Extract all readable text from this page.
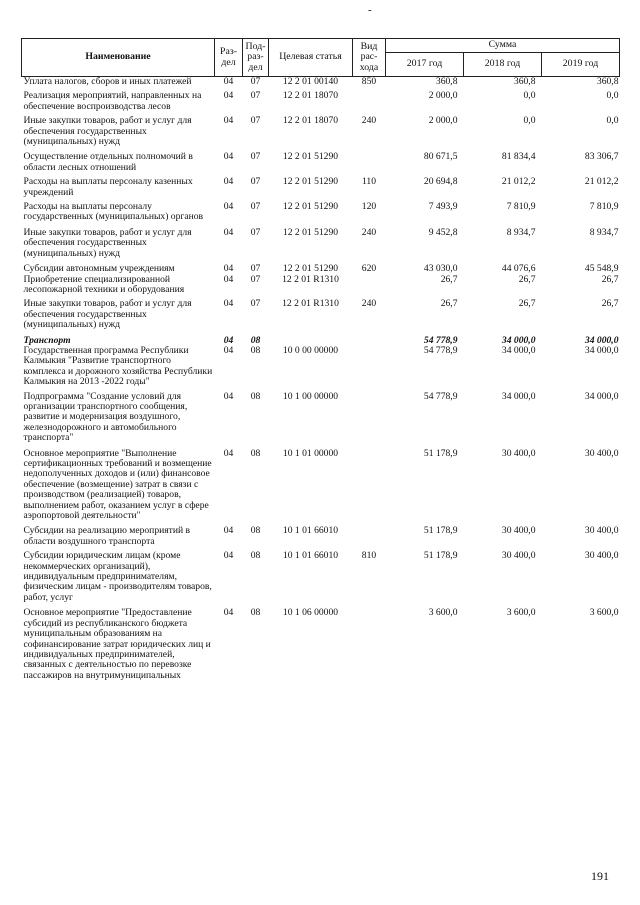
-
Наименование	Раз-дел	Под-раз-дел	Целевая статья	Вид рас-хода	Сумма		
					2017 год	2018 год	2019 год
Уплата налогов, сборов и иных платежей	04	07	12 2 01 00140	850	360,8	360,8	360,8
Реализация мероприятий, направленных на обеспечение воспроизводства лесов	04	07	12 2 01 18070		2 000,0	0,0	0,0
Иные закупки товаров, работ и услуг для обеспечения государственных (муниципальных) нужд	04	07	12 2 01 18070	240	2 000,0	0,0	0,0
Осуществление отдельных полномочий в области лесных отношений	04	07	12 2 01 51290		80 671,5	81 834,4	83 306,7
Расходы на выплаты персоналу казенных учреждений	04	07	12 2 01 51290	110	20 694,8	21 012,2	21 012,2
Расходы на выплаты персоналу государственных (муниципальных) органов	04	07	12 2 01 51290	120	7 493,9	7 810,9	7 810,9
Иные закупки товаров, работ и услуг для обеспечения государственных (муниципальных) нужд	04	07	12 2 01 51290	240	9 452,8	8 934,7	8 934,7
Субсидии автономным учреждениям	04	07	12 2 01 51290	620	43 030,0	44 076,6	45 548,9
Приобретение специализированной лесопожарной техники и оборудования	04	07	12 2 01 R1310		26,7	26,7	26,7
Иные закупки товаров, работ и услуг для обеспечения государственных (муниципальных) нужд	04	07	12 2 01 R1310	240	26,7	26,7	26,7
Транспорт	04	08			54 778,9	34 000,0	34 000,0
Государственная программа Республики Калмыкия "Развитие транспортного комплекса и дорожного хозяйства Республики Калмыкия на 2013 -2022 годы"	04	08	10 0 00 00000		54 778,9	34 000,0	34 000,0
Подпрограмма "Создание условий для организации транспортного сообщения, развитие и модернизация воздушного, железнодорожного и автомобильного транспорта"	04	08	10 1 00 00000		54 778,9	34 000,0	34 000,0
Основное мероприятие "Выполнение сертификационных требований и возмещение недополученных доходов и (или) финансовое обеспечение (возмещение) затрат в связи с производством (реализацией) товаров, выполнением работ, оказанием услуг в сфере аэропортовой деятельности"	04	08	10 1 01 00000		51 178,9	30 400,0	30 400,0
Субсидии на реализацию мероприятий в области воздушного транспорта	04	08	10 1 01 66010		51 178,9	30 400,0	30 400,0
Субсидии юридическим лицам (кроме некоммерческих организаций), индивидуальным предпринимателям, физическим лицам - производителям товаров, работ, услуг	04	08	10 1 01 66010	810	51 178,9	30 400,0	30 400,0
Основное мероприятие "Предоставление субсидий из республиканского бюджета муниципальным образованиям на софинансирование затрат юридических лиц и индивидуальных предпринимателей, связанных с деятельностью по перевозке пассажиров на внутримуниципальных	04	08	10 1 06 00000		3 600,0	3 600,0	3 600,0
191
